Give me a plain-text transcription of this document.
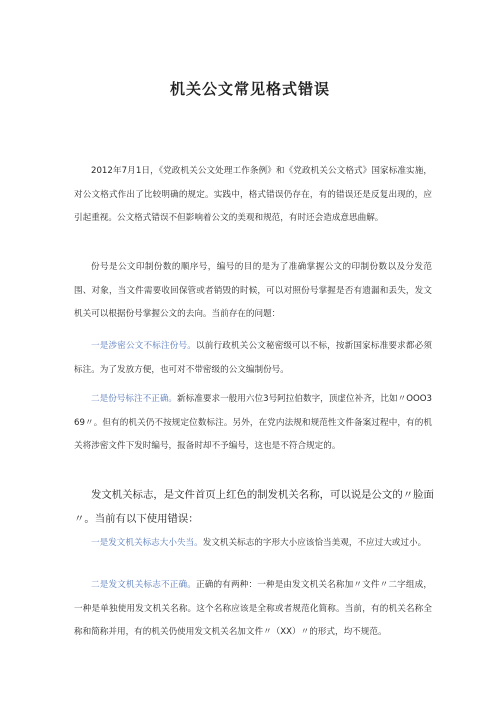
机关公文常见格式错误

2012年7月1日，《党政机关公文处理工作条例》和《党政机关公文格式》国家标准实施，对公文格式作出了比较明确的规定。实践中，格式错误仍存在，有的错误还是反复出现的，应引起重视。公文格式错误不但影响着公文的美观和规范，有时还会造成意思曲解。

份号是公文印制份数的顺序号，编号的目的是为了准确掌握公文的印制份数以及分发范围、对象，当文件需要收回保管或者销毁的时候，可以对照份号掌握是否有遗漏和丢失，发文机关可以根据份号掌握公文的去向。当前存在的问题：

一是涉密公文不标注份号。以前行政机关公文秘密级可以不标，按新国家标准要求都必须标注。为了发放方便，也可对不带密级的公文编制份号。

二是份号标注不正确。新标准要求一般用六位3号阿拉伯数字，顶虚位补齐，比如〃OOO369〃。但有的机关仍不按规定位数标注。另外，在党内法规和规范性文件备案过程中，有的机关将涉密文件下发时编号，报备时却不予编号，这也是不符合规定的。

发文机关标志，是文件首页上红色的制发机关名称，可以说是公文的〃脸面〃。当前有以下使用错误：

一是发文机关标志大小失当。发文机关标志的字形大小应该恰当美观，不应过大或过小。

二是发文机关标志不正确。正确的有两种：一种是由发文机关名称加〃文件〃二字组成，一种是单独使用发文机关名称。这个名称应该是全称或者规范化简称。当前，有的机关名称全称和简称并用，有的机关仍使用发文机关名加文件〃（XX）〃的形式，均不规范。
